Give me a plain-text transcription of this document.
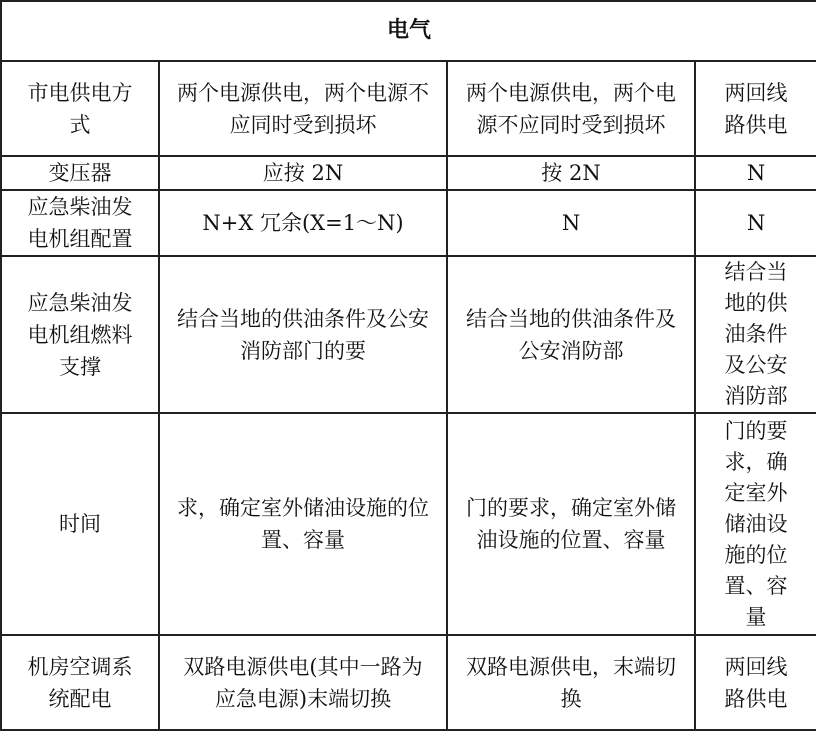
电气			
市电供电方式	两个电源供电，两个电源不应同时受到损坏	两个电源供电，两个电源不应同时受到损坏	两回线路供电
变压器	应按 2N	按 2N	N
应急柴油发电机组配置	N+X 冗余(X=1～N)	N	N
应急柴油发电机组燃料支撑	结合当地的供油条件及公安消防部门的要	结合当地的供油条件及公安消防部	结合当地的供油条件及公安消防部
时间	求，确定室外储油设施的位置、容量	门的要求，确定室外储油设施的位置、容量	门的要求，确定室外储油设施的位置、容量
机房空调系统配电	双路电源供电(其中一路为应急电源)末端切换	双路电源供电，末端切换	两回线路供电
